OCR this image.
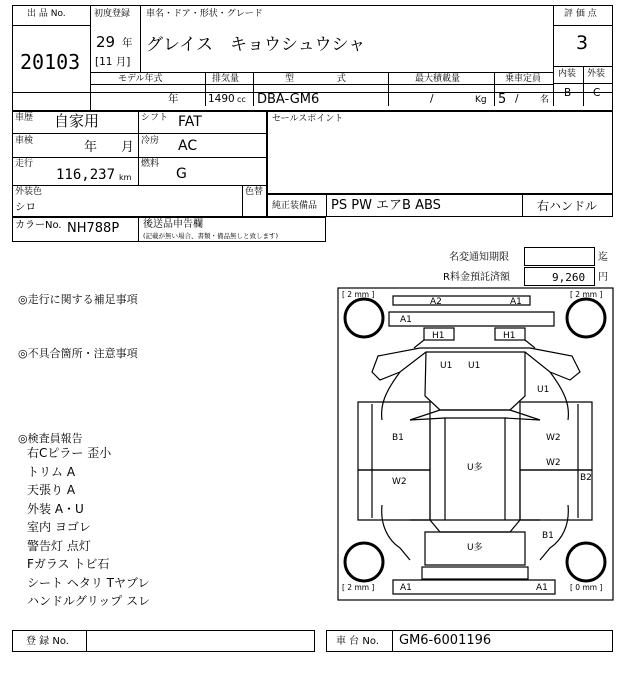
出 品 No.
20103
初度登録
29 年
[11 月]
車名・ドア・形状・グレード
グレイス　キョウシュウシャ
評 価 点
3
内装 外装
B C
モデル年式
年
排気量
1490 cc
型 式
DBA-GM6
最大積載量
/	Kg
乗車定員
5 / 名
車歴 自家用	シフト FAT
車検	年 月 冷房 AC
走行
116,237 km
燃料
G
外装色
シロ
色替
カラーNo. NH788P 後送品申告欄
(記載が無い場合、書類・備品無しと致します)
セールスポイント
純正装備品 PS PW エアB ABS	右ハンドル
名変通知期限	迄
R料金預託済額	9,260 円
◎走行に関する補足事項
◎不具合箇所・注意事項
◎検査員報告
右Cピラー 歪小
トリム A
天張り A
外装 A・U
室内 ヨゴレ
警告灯 点灯
Fガラス トビ石
シート ヘタリ Tヤブレ
ハンドルグリップ スレ
[ 2 mm ]	[ 2 mm ]
[ 2 mm ]	[ 0 mm ]
A2	A1
A1
H1	H1
U1 U1
U1
B1	W2
W2
W2
U多
B2
B1
U多
A1	A1
登 録 No.	車 台 No. GM6-6001196
